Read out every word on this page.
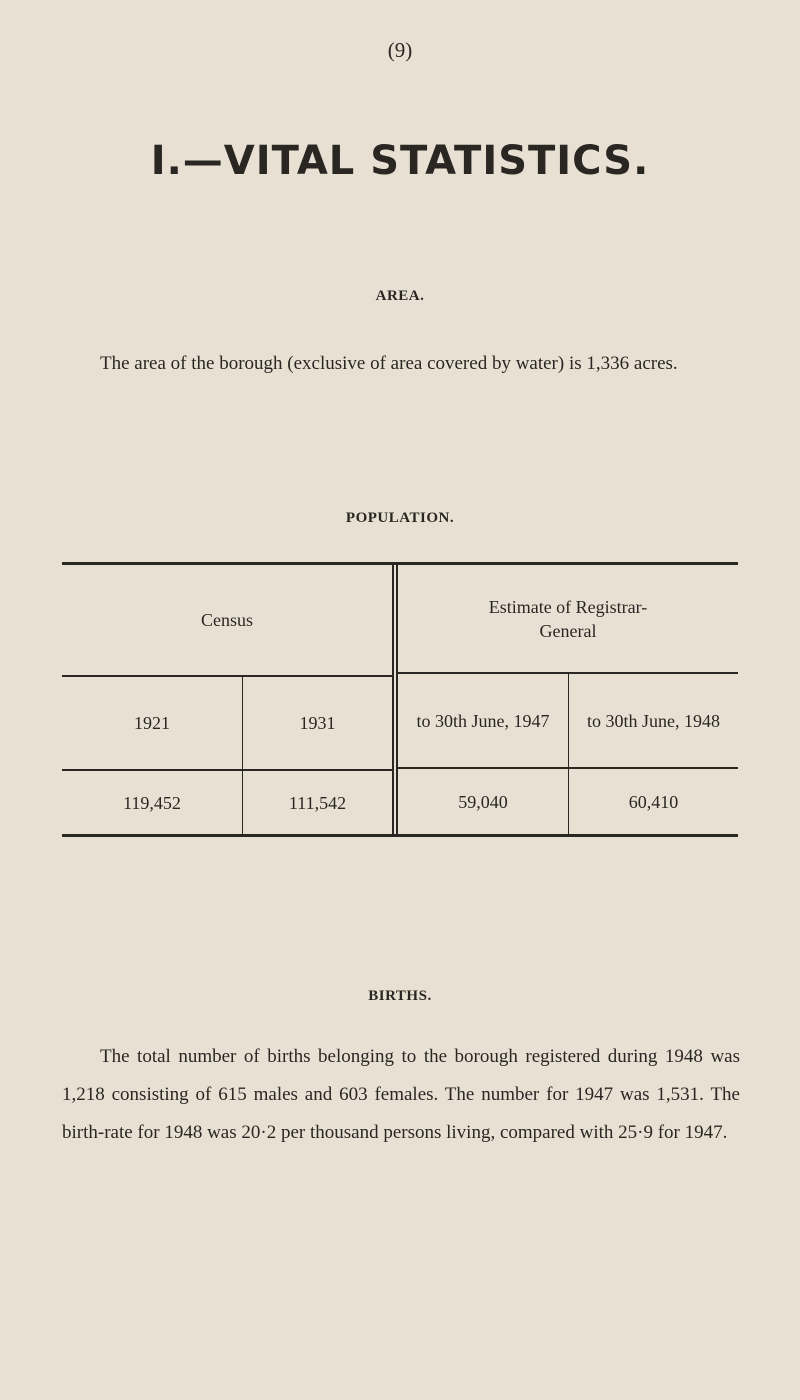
(9)
I.—VITAL STATISTICS.
AREA.

The area of the borough (exclusive of area covered by water) is 1,336 acres.

POPULATION.
Census
Estimate of Registrar-General
1921	1931	to 30th June, 1947 to 30th June, 1948
119,452	111,542	59,040	60,410
BIRTHS.

The total number of births belonging to the borough registered during 1948 was 1,218 consisting of 615 males and 603 females. The number for 1947 was 1,531. The birth-rate for 1948 was 20·2 per thousand persons living, compared with 25·9 for 1947.
